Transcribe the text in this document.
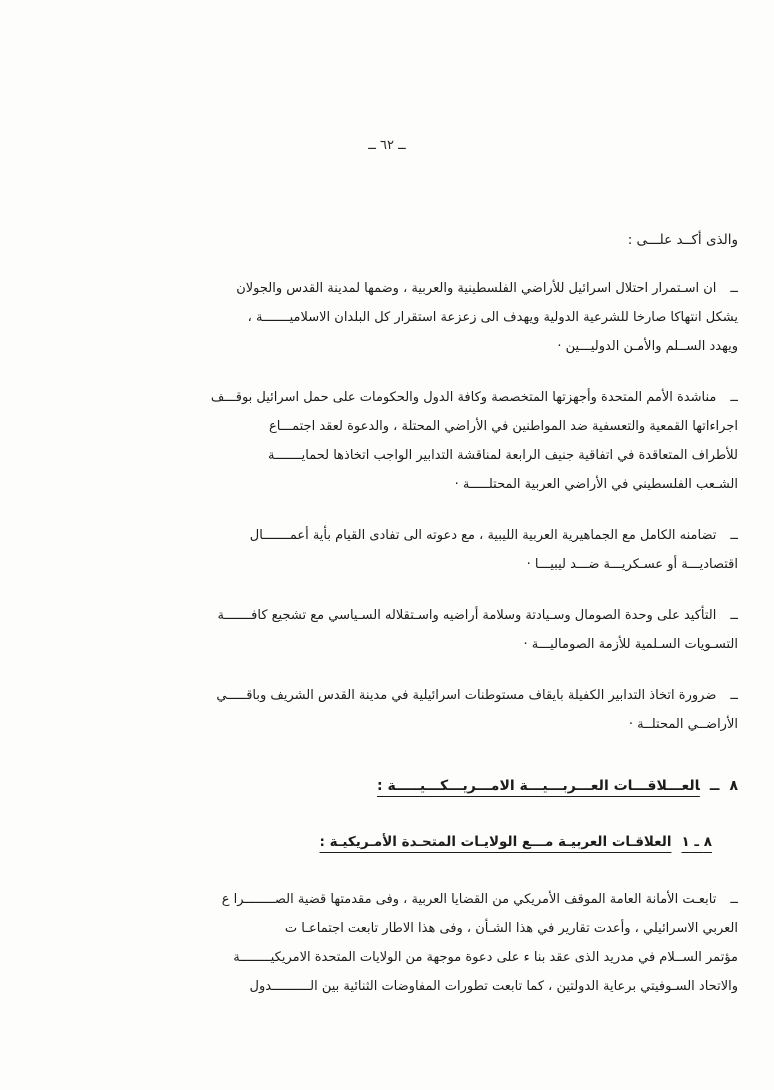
ــ ٦٢ ــ
والذى أكــد علـــى :
ــان اسـتمرار احتلال اسرائيل للأراضي الفلسطينية والعربية ، وضمها لمدينة القدس والجولان
يشكل انتهاكا صارخا للشرعية الدولية ويهدف الى زعزعة استقرار كل البلدان الاسلاميـــــــة ،
ويهدد الســلم والأمـن الدوليـــين ·
ــمناشدة الأمم المتحدة وأجهزتها المتخصصة وكافة الدول والحكومات على حمل اسرائيل بوقـــف
اجراءاتها القمعية والتعسفية ضد المواطنين في الأراضي المحتلة ، والدعوة لعقد اجتمـــاع
للأطراف المتعاقدة في اتفاقية جنيف الرابعة لمناقشة التدابير الواجب اتخاذها لحمايـــــــة
الشـعب الفلسطيني في الأراضي العربية المحتلـــــة ·
ــتضامنه الكامل مع الجماهيرية العربية الليبية ، مع دعوته الى تفادى القيام بأية أعمـــــــال
اقتصاديـــة أو عسـكريـــة ضـــد ليبيـــا ·
ــالتأكيد على وحدة الصومال وسـيادتة وسلامة أراضيه واسـتقلاله السـياسي مع تشجيع كافـــــــة
التسـويات السـلمية للأزمة الصوماليـــة ·
ــضرورة اتخاذ التدابير الكفيلة بايقاف مستوطنات اسرائيلية في مدينة القدس الشريف وباقـــــي
الأراضــي المحتلــة ·
٨ــالعـــلاقـــات العـــربـــيـــة الامـــريـــكـــيـــــة :
٨ ـ ١العلاقـات العربيـة مـــع الولايـات المتحـدة الأمـريكيـة :
ــتابعـت الأمانة العامة الموقف الأمريكي من القضايا العربية ، وفى مقدمتها قضية الصــــــــرا ع
العربي الاسرائيلي ، وأعدت تقارير في هذا الشـأن ، وفى هذا الاطار تابعت اجتماعـا ت
مؤتمر الســلام في مدريد الذى عقد بنا ء على دعوة موجهة من الولايات المتحدة الامريكيــــــــة
والاتحاد السـوفيتي برعاية الدولتين ، كما تابعت تطورات المفاوضات الثنائية بين الــــــــــدول
